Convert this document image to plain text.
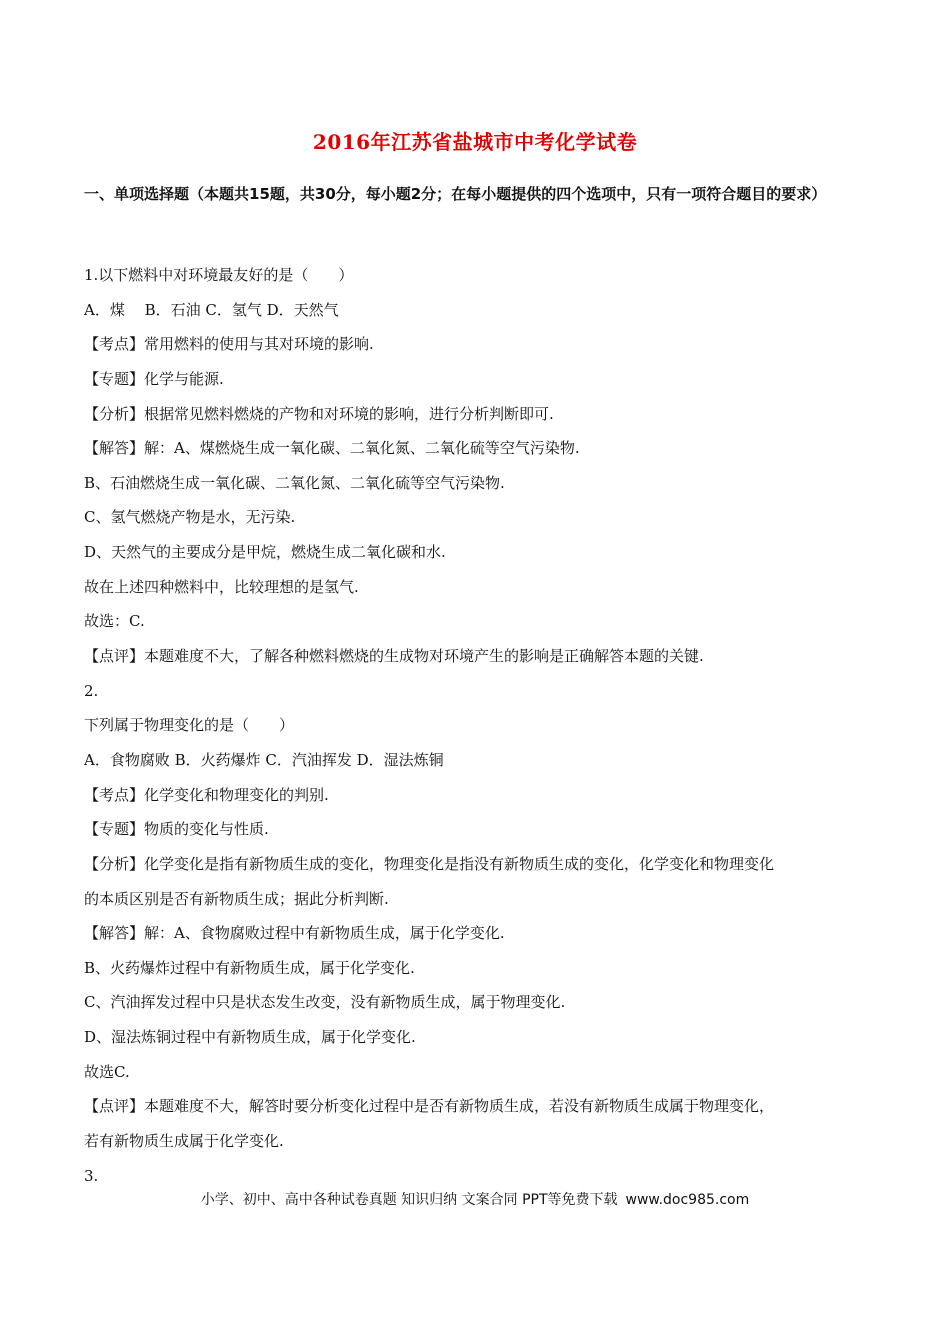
2016年江苏省盐城市中考化学试卷
一、单项选择题（本题共15题，共30分，每小题2分；在每小题提供的四个选项中，只有一项符合题目的要求）
1.以下燃料中对环境最友好的是（　　）
A．煤　 B．石油 C．氢气 D．天然气
【考点】常用燃料的使用与其对环境的影响.
【专题】化学与能源.
【分析】根据常见燃料燃烧的产物和对环境的影响，进行分析判断即可.
【解答】解：A、煤燃烧生成一氧化碳、二氧化氮、二氧化硫等空气污染物.
B、石油燃烧生成一氧化碳、二氧化氮、二氧化硫等空气污染物.
C、氢气燃烧产物是水，无污染.
D、天然气的主要成分是甲烷，燃烧生成二氧化碳和水.
故在上述四种燃料中，比较理想的是氢气.
故选：C.
【点评】本题难度不大，了解各种燃料燃烧的生成物对环境产生的影响是正确解答本题的关键.
2.
下列属于物理变化的是（　　）
A．食物腐败 B．火药爆炸 C．汽油挥发 D．湿法炼铜
【考点】化学变化和物理变化的判别.
【专题】物质的变化与性质.
【分析】化学变化是指有新物质生成的变化，物理变化是指没有新物质生成的变化，化学变化和物理变化
的本质区别是否有新物质生成；据此分析判断.
【解答】解：A、食物腐败过程中有新物质生成，属于化学变化.
B、火药爆炸过程中有新物质生成，属于化学变化.
C、汽油挥发过程中只是状态发生改变，没有新物质生成，属于物理变化.
D、湿法炼铜过程中有新物质生成，属于化学变化.
故选C.
【点评】本题难度不大，解答时要分析变化过程中是否有新物质生成，若没有新物质生成属于物理变化，
若有新物质生成属于化学变化.
3.
小学、初中、高中各种试卷真题 知识归纳 文案合同 PPT等免费下载 www.doc985.com
